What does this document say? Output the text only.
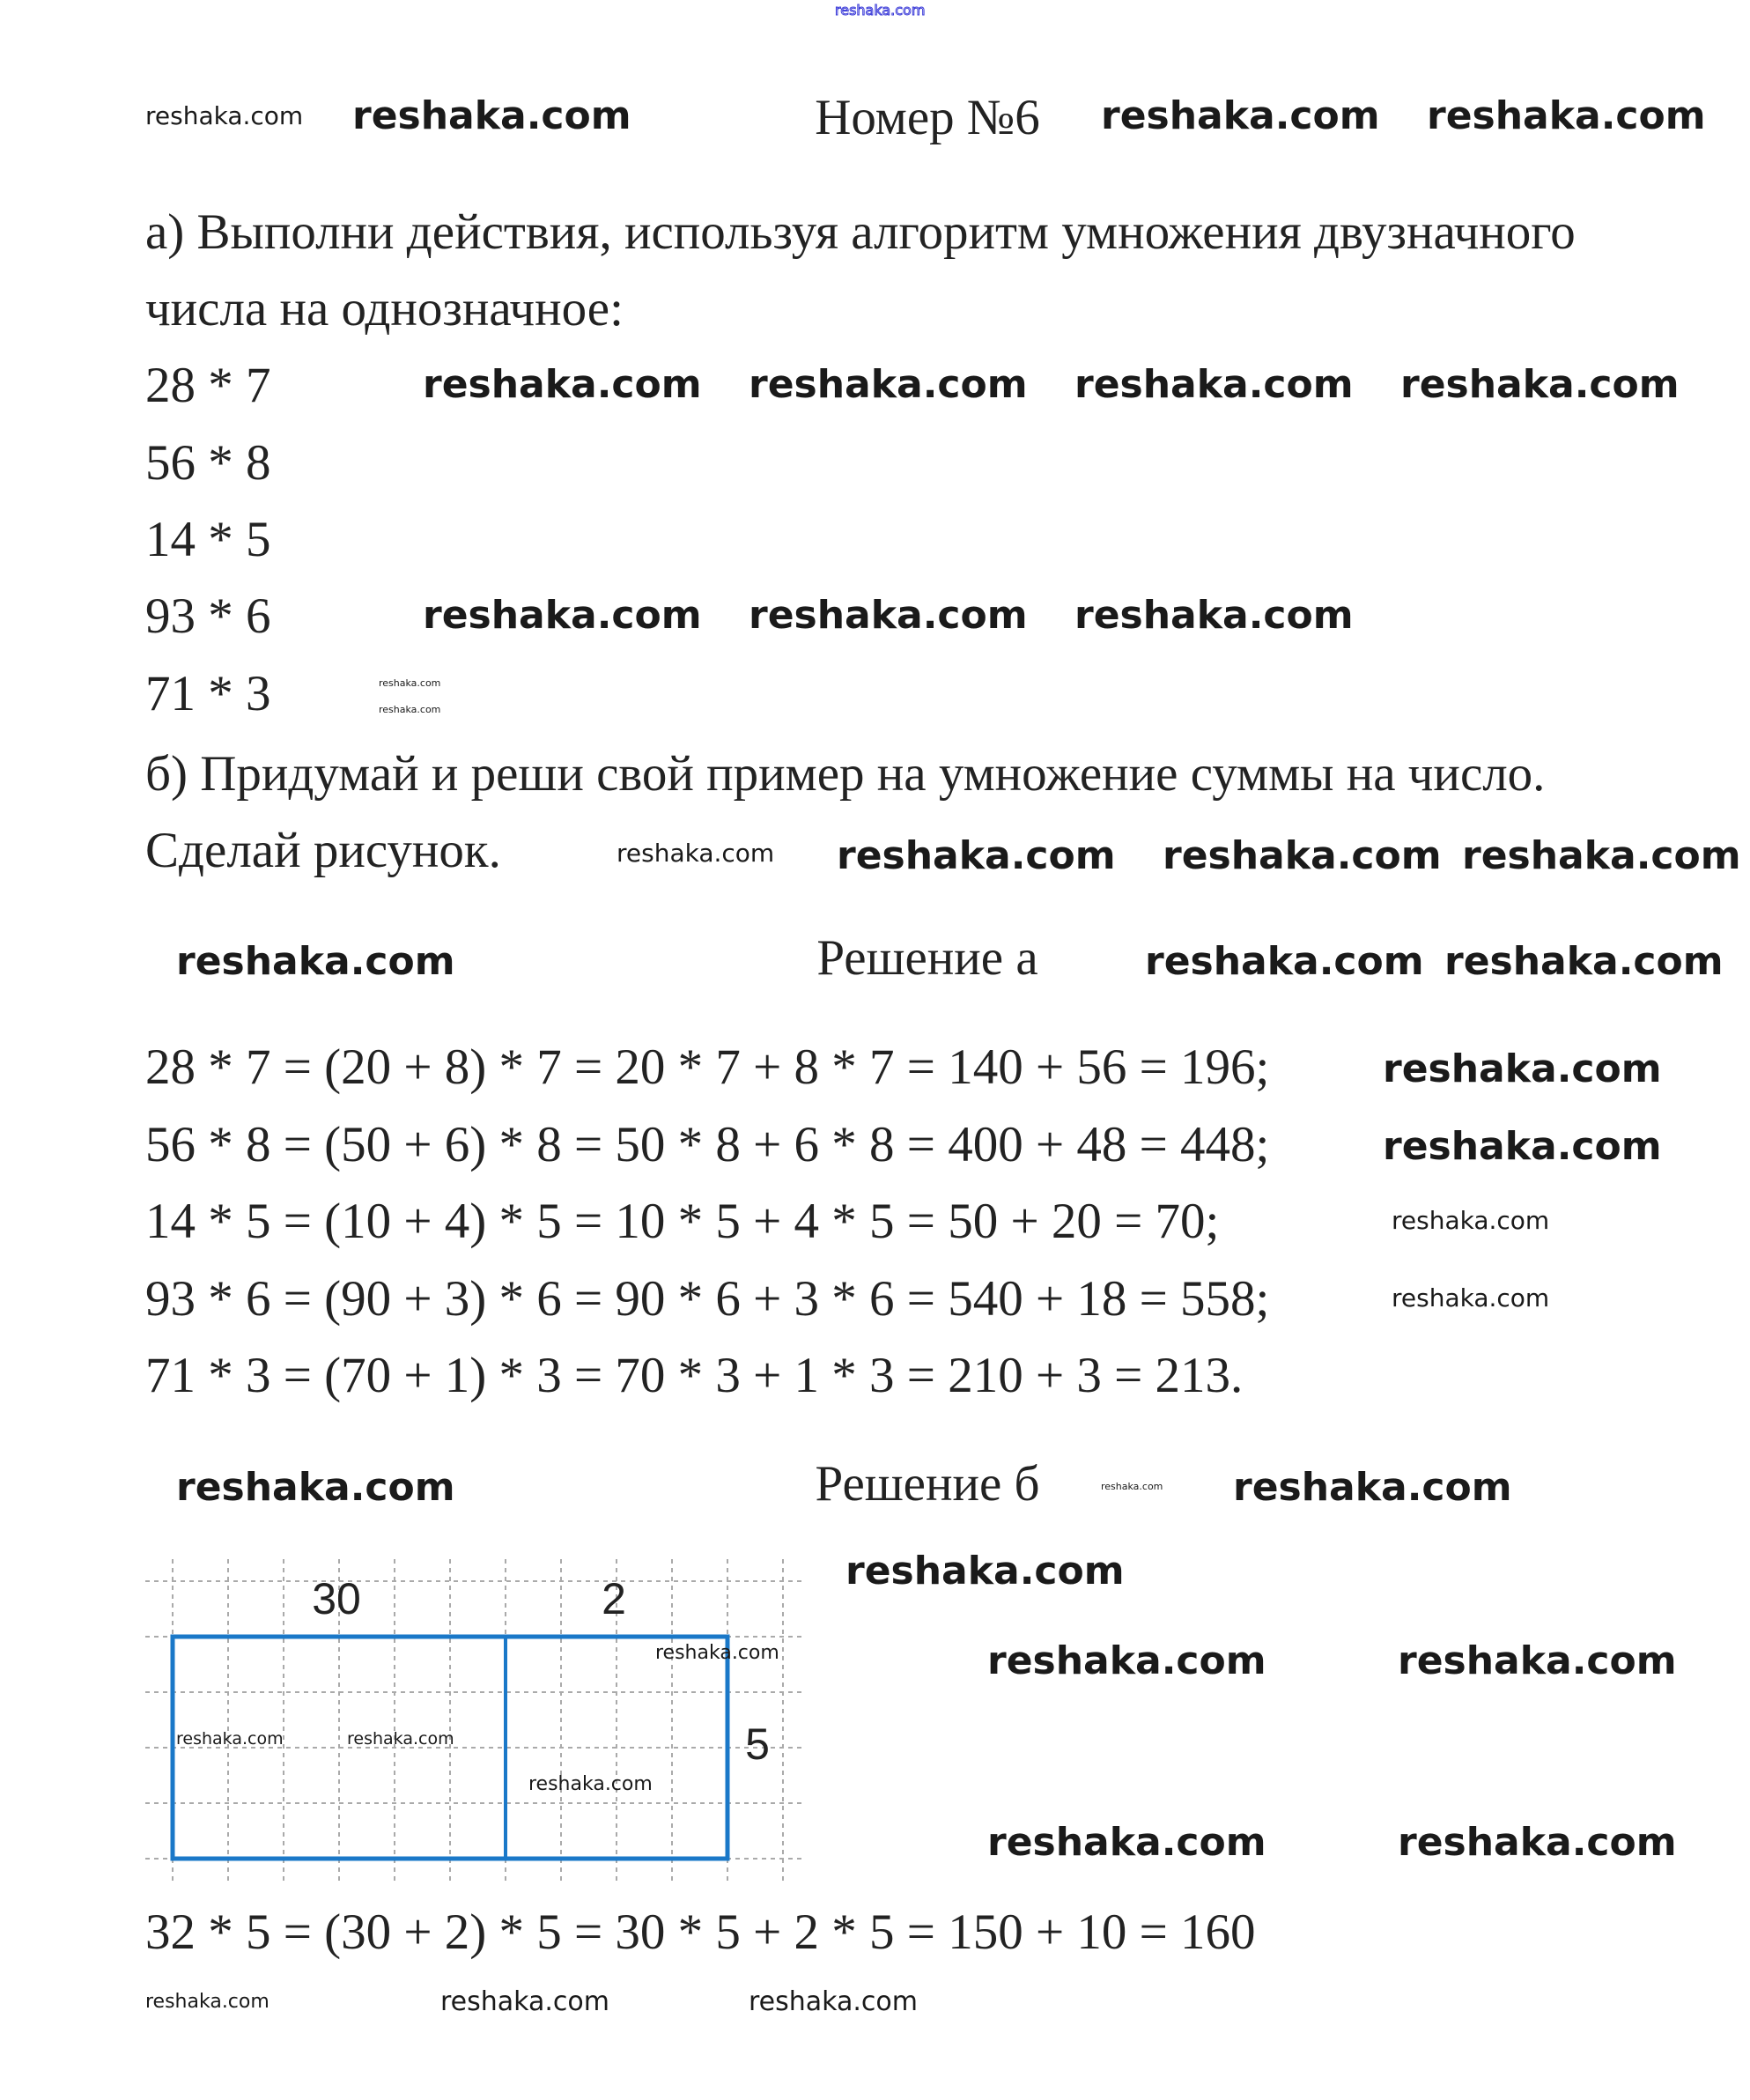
reshaka.com
Номер №6
а) Выполни действия, используя алгоритм умножения двузначного
числа на однозначное:
28 * 7
56 * 8
14 * 5
93 * 6
71 * 3
б) Придумай и реши свой пример на умножение суммы на число.
Сделай рисунок.
Решение а
28 * 7 = (20 + 8) * 7 = 20 * 7 + 8 * 7 = 140 + 56 = 196;
56 * 8 = (50 + 6) * 8 = 50 * 8 + 6 * 8 = 400 + 48 = 448;
14 * 5 = (10 + 4) * 5 = 10 * 5 + 4 * 5 = 50 + 20 = 70;
93 * 6 = (90 + 3) * 6 = 90 * 6 + 3 * 6 = 540 + 18 = 558;
71 * 3 = (70 + 1) * 3 = 70 * 3 + 1 * 3 = 210 + 3 = 213.
Решение б
30	2
5
32 * 5 = (30 + 2) * 5 = 30 * 5 + 2 * 5 = 150 + 10 = 160
reshaka.com reshaka.com	reshaka.com reshaka.com
reshaka.com reshaka.com reshaka.com reshaka.com
reshaka.com reshaka.com reshaka.com
reshaka.com
reshaka.com
reshaka.com reshaka.com reshaka.com reshaka.com
reshaka.com	reshaka.com reshaka.com
reshaka.com
reshaka.com
reshaka.com
reshaka.com
reshaka.com	reshaka.com reshaka.com
reshaka.com
reshaka.com
reshaka.com	reshaka.com
reshaka.com
reshaka.com	reshaka.com
reshaka.com	reshaka.com
reshaka.com	reshaka.com	reshaka.com
